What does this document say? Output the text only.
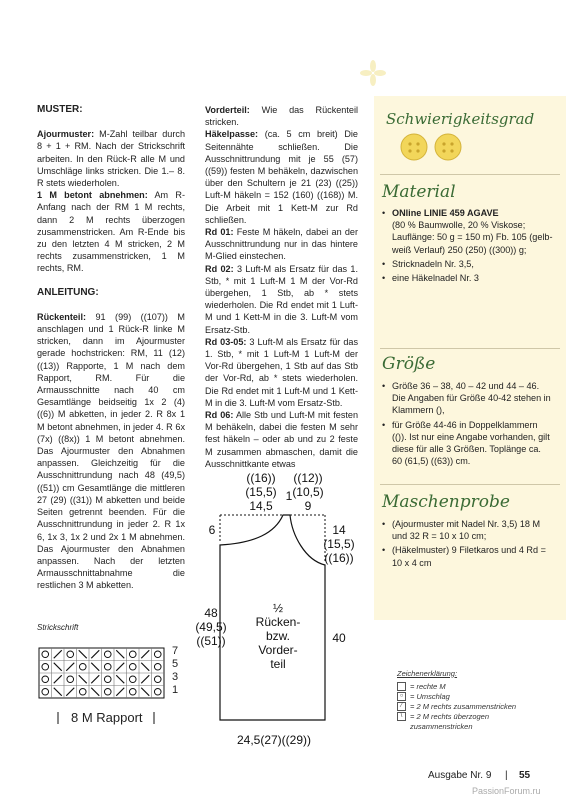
MUSTER:

Ajourmuster: M-Zahl teilbar durch 8 + 1 + RM. Nach der Strickschrift arbeiten. In den Rück-R alle M und Umschläge links stricken. Die 1.– 8. R stets wiederholen.

1 M betont abnehmen: Am R-Anfang nach der RM 1 M rechts, dann 2 M rechts überzogen zusammenstricken. Am R-Ende bis zu den letzten 4 M stricken, 2 M rechts zusammenstricken, 1 M rechts, RM.

ANLEITUNG:

Rückenteil: 91 (99) ((107)) M anschlagen und 1 Rück-R linke M stricken, dann im Ajourmuster gerade hochstricken: RM, 11 (12) ((13)) Rapporte, 1 M nach dem Rapport, RM. Für die Armausschnitte nach 40 cm Gesamtlänge beidseitig 1x 2 (4) ((6)) M abketten, in jeder 2. R 8x 1 M betont abnehmen, in jeder 4. R 6x (7x) ((8x)) 1 M betont abnehmen. Das Ajourmuster den Abnahmen anpassen. Gleichzeitig für die Ausschnittrundung nach 48 (49,5) ((51)) cm Gesamtlänge die mittleren 27 (29) ((31)) M abketten und beide Seiten getrennt beenden. Für die Ausschnittrundung in jeder 2. R 1x 6, 1x 3, 1x 2 und 2x 1 M abnehmen. Das Ajourmuster den Abnahmen anpassen. Nach der letzten Armausschnittabnahme die restlichen 3 M abketten.

Vorderteil: Wie das Rückenteil stricken.

Häkelpasse: (ca. 5 cm breit) Die Seitennähte schließen. Die Ausschnittrundung mit je 55 (57) ((59)) festen M behäkeln, dazwischen über den Schultern je 21 (23) ((25)) Luft-M häkeln = 152 (160) ((168)) M. Die Arbeit mit 1 Kett-M zur Rd schließen.

Rd 01: Feste M häkeln, dabei an der Ausschnittrundung nur in das hintere M-Glied einstechen.

Rd 02: 3 Luft-M als Ersatz für das 1. Stb, * mit 1 Luft-M 1 M der Vor-Rd übergehen, 1 Stb, ab * stets wiederholen. Die Rd endet mit 1 Luft-M und 1 Kett-M in die 3. Luft-M vom Ersatz-Stb.

Rd 03-05: 3 Luft-M als Ersatz für das 1. Stb, * mit 1 Luft-M 1 Luft-M der Vor-Rd übergehen, 1 Stb auf das Stb der Vor-Rd, ab * stets wiederholen. Die Rd endet mit 1 Luft-M und 1 Kett-M in die 3. Luft-M vom Ersatz-Stb.

Rd 06: Alle Stb und Luft-M mit festen M behäkeln, dabei die festen M sehr fest häkeln – oder ab und zu 2 feste M zusammen abmaschen, damit die Ausschnittkante etwas

Schwierigkeitsgrad
Material
• ONline LINIE 459 AGAVE
(80 % Baumwolle, 20 % Viskose; Lauflänge: 50 g = 150 m) Fb. 105 (gelb-weiß Verlauf) 250 (250) ((300)) g;
• Stricknadeln Nr. 3,5,
• eine Häkelnadel Nr. 3
Größe
• Größe 36 – 38, 40 – 42 und 44 – 46. Die Angaben für Größe 40-42 stehen in Klammern (),
• für Größe 44-46 in Doppelklammern (()). Ist nur eine Angabe vorhanden, gilt diese für alle 3 Größen. Toplänge ca. 60 (61,5) ((63)) cm.
Maschenprobe
• (Ajourmuster mit Nadel Nr. 3,5) 18 M und 32 R = 10 x 10 cm;
• (Häkelmuster) 9 Filetkaros und 4 Rd = 10 x 4 cm
((16))
(15,5)
14,5
1
((12))
(10,5)
9
6	14
(15,5)
((16))
48
(49,5)
((51))	40
½
Rücken-
bzw.
Vorder-
teil
24,5(27)((29))
Strickschrift
7
5
3
1
8 M Rapport
Zeichenerklärung:
= rechte M
○ = Umschlag
⁄	= 2 M rechts zusammenstricken
\	= 2 M rechts überzogen
zusammenstricken
Ausgabe Nr. 9 | 55
PassionForum.ru
